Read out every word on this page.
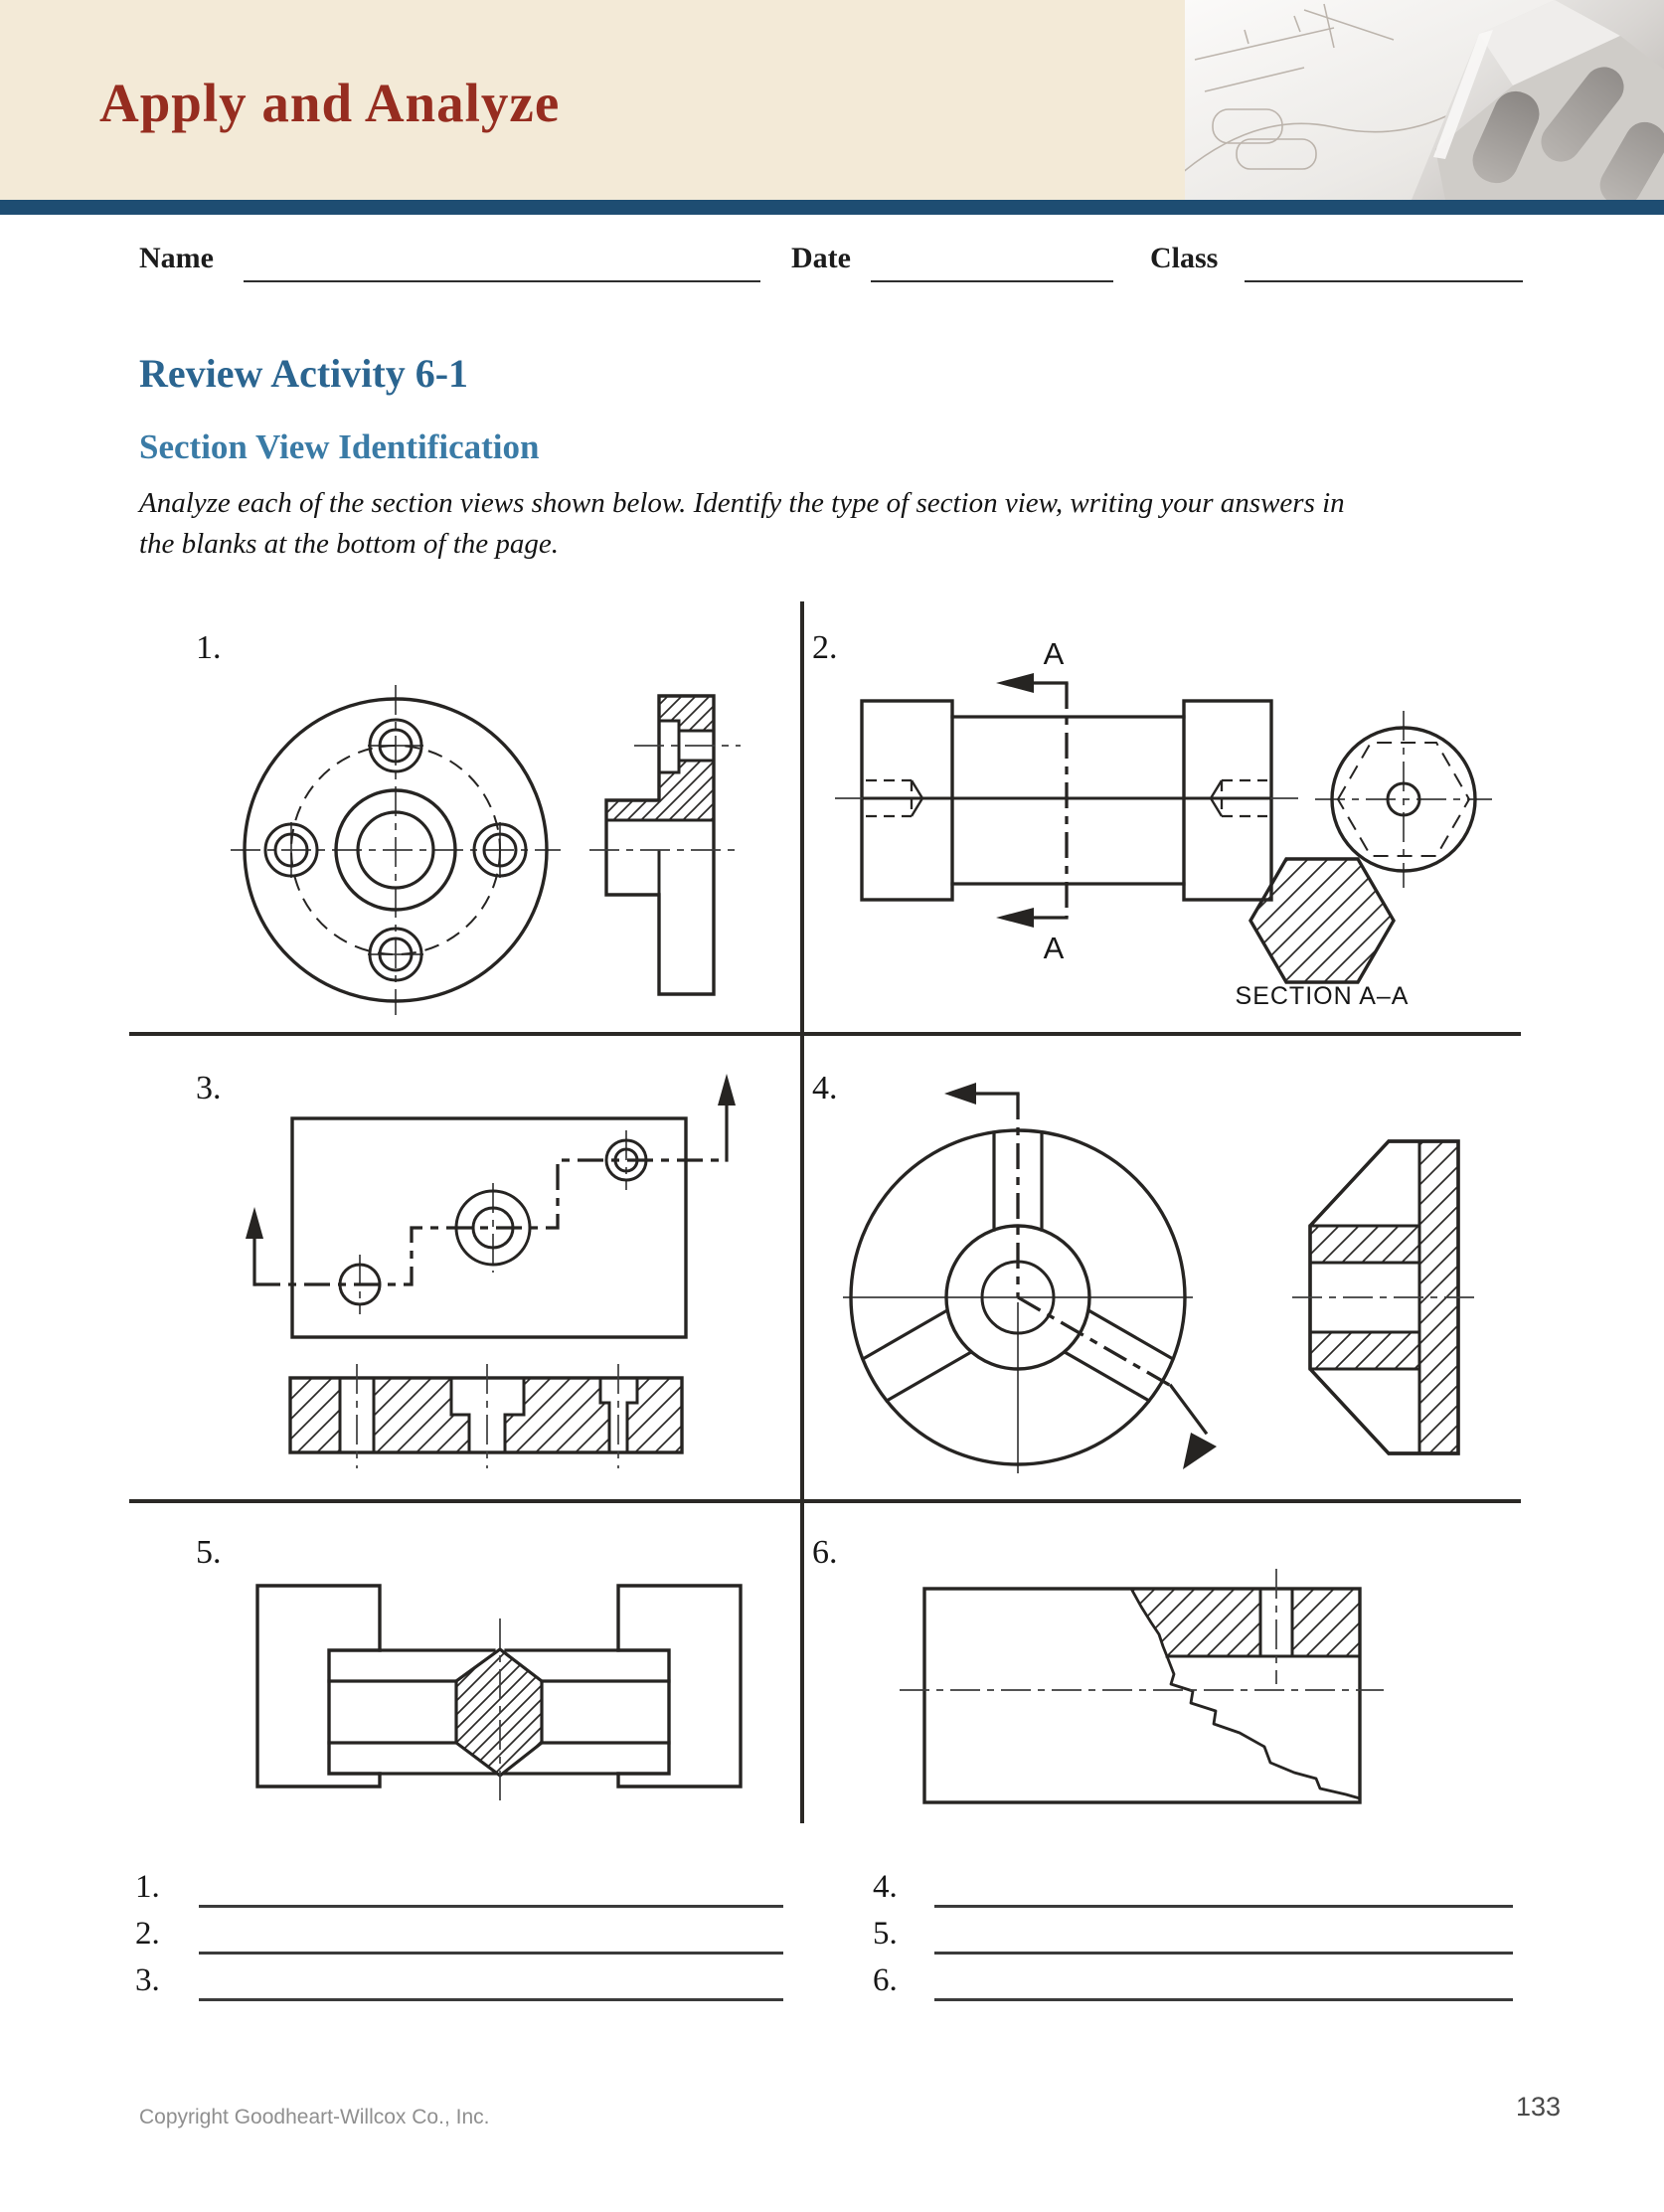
Apply and Analyze
Name	Date	Class
Review Activity 6-1
Section View Identification
Analyze each of the section views shown below. Identify the type of section view, writing your answers in
the blanks at the bottom of the page.
1.	2.	A
A
SECTION A–A
3.	4.
5.	6.
1.
2.
3.
4.
5.
6.
Copyright Goodheart-Willcox Co., Inc.	133
